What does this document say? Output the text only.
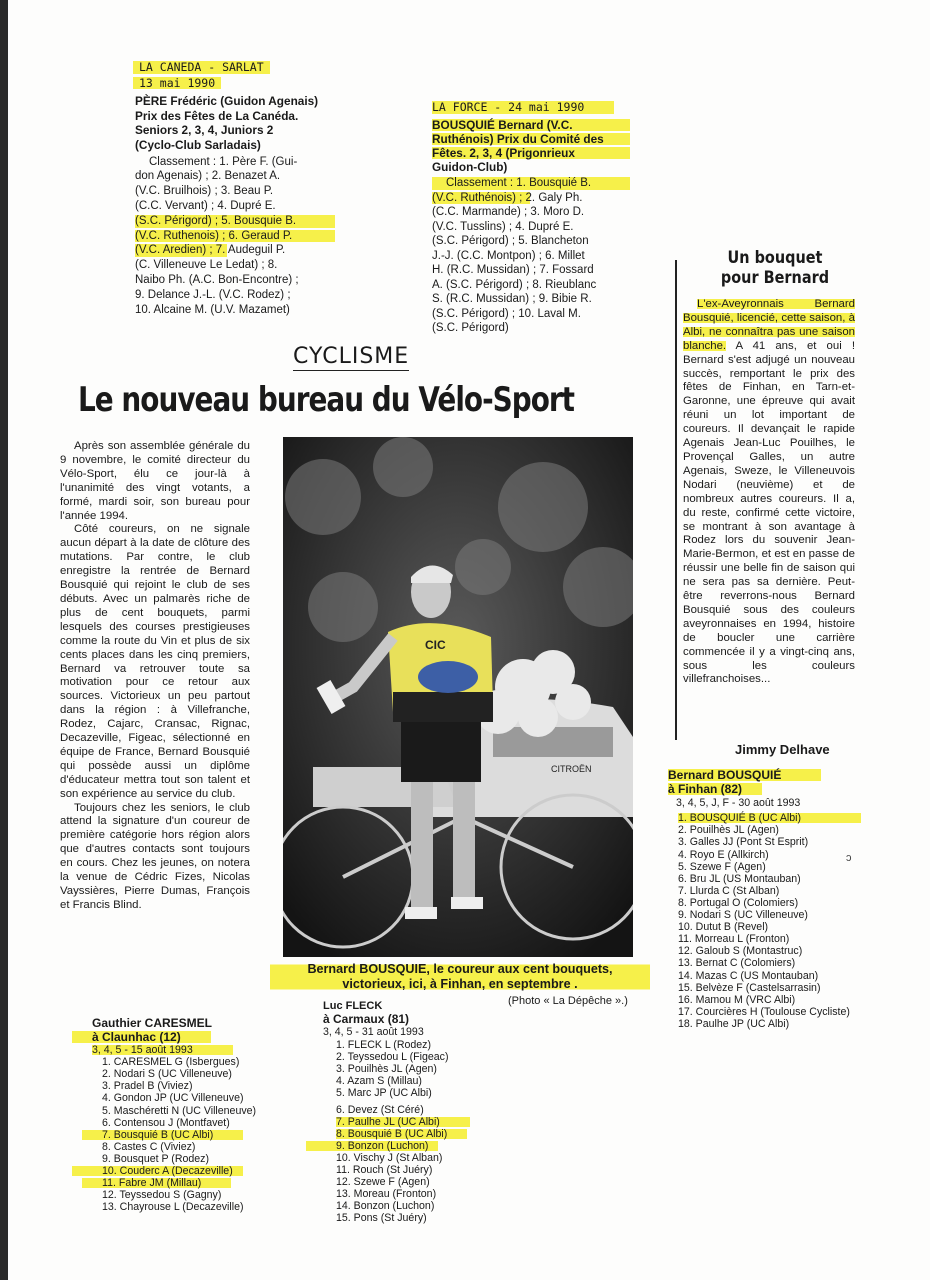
LA CANEDA - SARLAT
13 mai 1990
PÈRE Frédéric (Guidon Agenais)
Prix des Fêtes de La Canéda.
Seniors 2, 3, 4, Juniors 2
(Cyclo-Club Sarladais)
Classement : 1. Père F. (Gui-
don Agenais) ; 2. Benazet A.
(V.C. Bruilhois) ; 3. Beau P.
(C.C. Vervant) ; 4. Dupré E.
(S.C. Périgord) ; 5. Bousquie B.
(V.C. Ruthenois) ; 6. Geraud P.
(V.C. Aredien) ; 7. Audeguil P.
(C. Villeneuve Le Ledat) ; 8.
Naibo Ph. (A.C. Bon-Encontre) ;
9. Delance J.-L. (V.C. Rodez) ;
10. Alcaine M. (U.V. Mazamet)
LA FORCE - 24 mai 1990
BOUSQUIÉ Bernard (V.C.
Ruthénois) Prix du Comité des
Fêtes. 2, 3, 4 (Prigonrieux
Guidon-Club)
Classement : 1. Bousquié B.
(V.C. Ruthénois) ; 2. Galy Ph.
(C.C. Marmande) ; 3. Moro D.
(V.C. Tusslins) ; 4. Dupré E.
(S.C. Périgord) ; 5. Blancheton
J.-J. (C.C. Montpon) ; 6. Millet
H. (R.C. Mussidan) ; 7. Fossard
A. (S.C. Périgord) ; 8. Rieublanc
S. (R.C. Mussidan) ; 9. Bibie R.
(S.C. Périgord) ; 10. Laval M.
(S.C. Périgord)
CYCLISME
Le nouveau bureau du Vélo-Sport

Après son assemblée générale du 9 novembre, le comité directeur du Vélo-Sport, élu ce jour-là à l'unanimité des vingt votants, a formé, mardi soir, son bureau pour l'année 1994.

Côté coureurs, on ne signale aucun départ à la date de clôture des mutations. Par contre, le club enregistre la rentrée de Bernard Bousquié qui rejoint le club de ses débuts. Avec un palmarès riche de plus de cent bouquets, parmi lesquels des courses prestigieuses comme la route du Vin et plus de six cents places dans les cinq premiers, Bernard va retrouver toute sa motivation pour ce retour aux sources. Victorieux un peu partout dans la région : à Villefranche, Rodez, Cajarc, Cransac, Rignac, Decazeville, Figeac, sélectionné en équipe de France, Bernard Bousquié qui possède aussi un diplôme d'éducateur mettra tout son talent et son expérience au service du club.

Toujours chez les seniors, le club attend la signature d'un coureur de première catégorie hors région alors que d'autres contacts sont toujours en cours. Chez les jeunes, on notera la venue de Cédric Fizes, Nicolas Vayssières, Pierre Dumas, François et Francis Blind.

CITROËN
CIC
Bernard BOUSQUIE, le coureur aux cent bouquets,
victorieux, ici, à Finhan, en septembre .
(Photo « La Dépêche ».)
Un bouquet
pour Bernard
L'ex-Aveyronnais Bernard Bousquié, licencié, cette saison, à Albi, ne connaîtra pas une saison blanche. A 41 ans, et oui ! Bernard s'est adjugé un nouveau succès, remportant le prix des fêtes de Finhan, en Tarn-et-Garonne, une épreuve qui avait réuni un lot important de coureurs. Il devançait le rapide Agenais Jean-Luc Pouilhes, le Provençal Galles, un autre Agenais, Sweze, le Villeneuvois Nodari (neuvième) et de nombreux autres coureurs. Il a, du reste, confirmé cette victoire, se montrant à son avantage à Rodez lors du souvenir Jean-Marie-Bermon, et est en passe de réussir une belle fin de saison qui ne sera pas sa dernière. Peut-être reverrons-nous Bernard Bousquié sous des couleurs aveyronnaises en 1994, histoire de boucler une carrière commencée il y a vingt-cinq ans, sous les couleurs villefranchoises...
Jimmy Delhave
Bernard BOUSQUIÉ
à Finhan (82)
3, 4, 5, J, F - 30 août 1993
1. BOUSQUIÉ B (UC Albi)
2. Pouilhès JL (Agen)
3. Galles JJ (Pont St Esprit)
4. Royo E (Allkirch)
5. Szewe F (Agen)
6. Bru JL (US Montauban)
7. Llurda C (St Alban)
8. Portugal O (Colomiers)
9. Nodari S (UC Villeneuve)
10. Dutut B (Revel)
11. Morreau L (Fronton)
12. Galoub S (Montastruc)
13. Bernat C (Colomiers)
14. Mazas C (US Montauban)
15. Belvèze F (Castelsarrasin)
16. Mamou M (VRC Albi)
17. Courcières H (Toulouse Cycliste)
18. Paulhe JP (UC Albi)
ↄ
Gauthier CARESMEL
à Claunhac (12) 3, 4, 5 - 15 août 1993
1. CARESMEL G (Isbergues)
2. Nodari S (UC Villeneuve)
3. Pradel B (Viviez)
4. Gondon JP (UC Villeneuve)
5. Maschéretti N (UC Villeneuve)
6. Contensou J (Montfavet)
7. Bousquié B (UC Albi)
8. Castes C (Viviez)
9. Bousquet P (Rodez)
10. Couderc A (Decazeville) 11. Fabre JM (Millau)
12. Teyssedou S (Gagny)
13. Chayrouse L (Decazeville)
Luc FLECK
à Carmaux (81)
3, 4, 5 - 31 août 1993
1. FLECK L (Rodez)
2. Teyssedou L (Figeac)
3. Pouilhès JL (Agen)
4. Azam S (Millau)
5. Marc JP (UC Albi)
6. Devez (St Céré)
7. Paulhe JL (UC Albi) 8. Bousquié B (UC Albi) 9. Bonzon (Luchon)
10. Vischy J (St Alban)
11. Rouch (St Juéry)
12. Szewe F (Agen)
13. Moreau (Fronton)
14. Bonzon (Luchon)
15. Pons (St Juéry)
